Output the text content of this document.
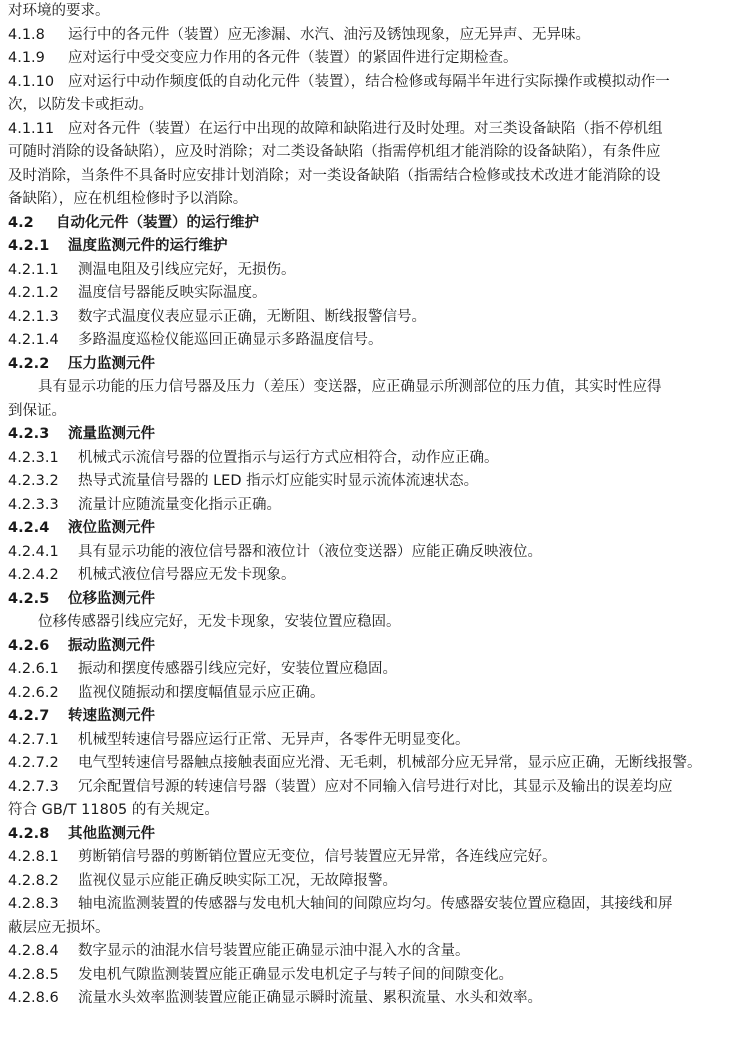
对环境的要求。
4.1.8 运行中的各元件（装置）应无渗漏、水汽、油污及锈蚀现象，应无异声、无异味。
4.1.9 应对运行中受交变应力作用的各元件（装置）的紧固件进行定期检查。
4.1.10 应对运行中动作频度低的自动化元件（装置），结合检修或每隔半年进行实际操作或模拟动作一
次，以防发卡或拒动。
4.1.11 应对各元件（装置）在运行中出现的故障和缺陷进行及时处理。对三类设备缺陷（指不停机组
可随时消除的设备缺陷），应及时消除；对二类设备缺陷（指需停机组才能消除的设备缺陷），有条件应
及时消除，当条件不具备时应安排计划消除；对一类设备缺陷（指需结合检修或技术改进才能消除的设
备缺陷），应在机组检修时予以消除。
4.2 自动化元件（装置）的运行维护
4.2.1 温度监测元件的运行维护
4.2.1.1 测温电阻及引线应完好，无损伤。
4.2.1.2 温度信号器能反映实际温度。
4.2.1.3 数字式温度仪表应显示正确，无断阻、断线报警信号。
4.2.1.4 多路温度巡检仪能巡回正确显示多路温度信号。
4.2.2 压力监测元件
具有显示功能的压力信号器及压力（差压）变送器，应正确显示所测部位的压力值，其实时性应得
到保证。
4.2.3 流量监测元件
4.2.3.1 机械式示流信号器的位置指示与运行方式应相符合，动作应正确。
4.2.3.2 热导式流量信号器的 LED 指示灯应能实时显示流体流速状态。
4.2.3.3 流量计应随流量变化指示正确。
4.2.4 液位监测元件
4.2.4.1 具有显示功能的液位信号器和液位计（液位变送器）应能正确反映液位。
4.2.4.2 机械式液位信号器应无发卡现象。
4.2.5 位移监测元件
位移传感器引线应完好，无发卡现象，安装位置应稳固。
4.2.6 振动监测元件
4.2.6.1 振动和摆度传感器引线应完好，安装位置应稳固。
4.2.6.2 监视仪随振动和摆度幅值显示应正确。
4.2.7 转速监测元件
4.2.7.1 机械型转速信号器应运行正常、无异声，各零件无明显变化。
4.2.7.2 电气型转速信号器触点接触表面应光滑、无毛刺，机械部分应无异常，显示应正确，无断线报警。
4.2.7.3 冗余配置信号源的转速信号器（装置）应对不同输入信号进行对比，其显示及输出的误差均应
符合 GB/T 11805 的有关规定。
4.2.8 其他监测元件
4.2.8.1 剪断销信号器的剪断销位置应无变位，信号装置应无异常，各连线应完好。
4.2.8.2 监视仪显示应能正确反映实际工况，无故障报警。
4.2.8.3 轴电流监测装置的传感器与发电机大轴间的间隙应均匀。传感器安装位置应稳固，其接线和屏
蔽层应无损坏。
4.2.8.4 数字显示的油混水信号装置应能正确显示油中混入水的含量。
4.2.8.5 发电机气隙监测装置应能正确显示发电机定子与转子间的间隙变化。
4.2.8.6 流量水头效率监测装置应能正确显示瞬时流量、累积流量、水头和效率。
